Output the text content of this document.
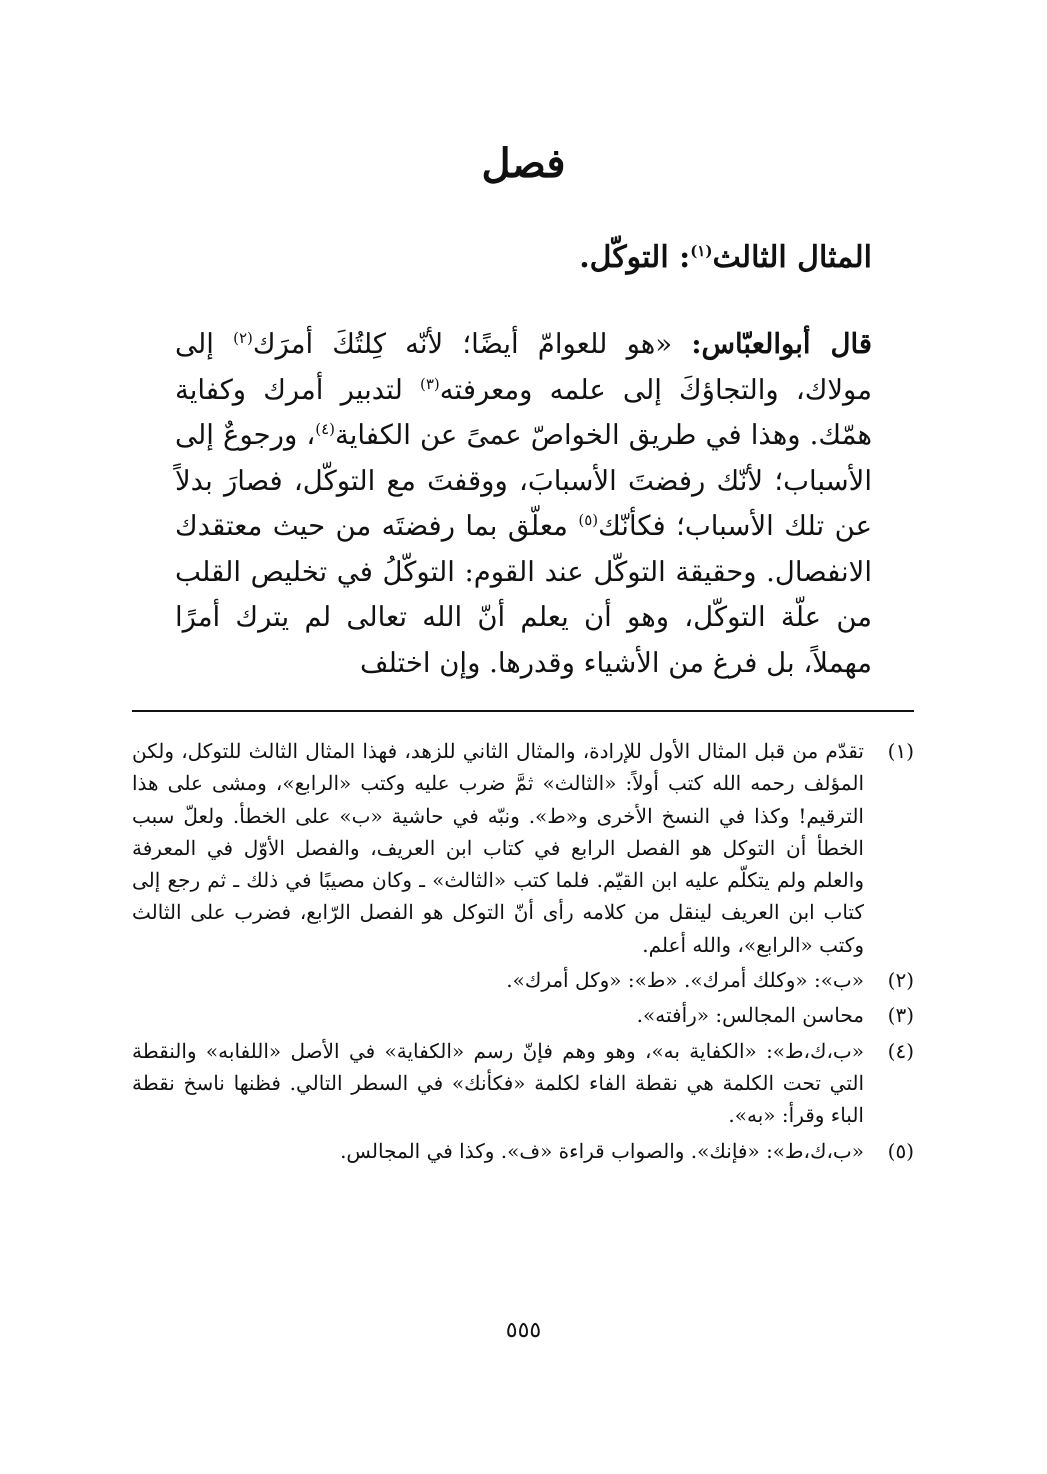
فصل
المثال الثالث$^{(١)}$: التوكّل.

قال أبوالعبّاس: «هو للعوامّ أيضًا؛ لأنّه كِلتُكَ أمرَك$^{(٢)}$ إلى مولاك، والتجاؤكَ إلى علمه ومعرفته$^{(٣)}$ لتدبير أمرك وكفاية همّك. وهذا في طريق الخواصّ عمىً عن الكفاية$^{(٤)}$، ورجوعٌ إلى الأسباب؛ لأنّك رفضتَ الأسبابَ، ووقفتَ مع التوكّل، فصارَ بدلاً عن تلك الأسباب؛ فكأنّك$^{(٥)}$ معلّق بما رفضتَه من حيث معتقدك الانفصال. وحقيقة التوكّل عند القوم: التوكّلُ في تخليص القلب من علّة التوكّل، وهو أن يعلم أنّ الله تعالى لم يترك أمرًا مهملاً، بل فرغ من الأشياء وقدرها. وإن اختلف

(١)
تقدّم من قبل المثال الأول للإرادة، والمثال الثاني للزهد، فهذا المثال الثالث للتوكل، ولكن المؤلف رحمه الله كتب أولاً: «الثالث» ثمَّ ضرب عليه وكتب «الرابع»، ومشى على هذا الترقيم! وكذا في النسخ الأخرى و«ط». ونبّه في حاشية «ب» على الخطأ. ولعلّ سبب الخطأ أن التوكل هو الفصل الرابع في كتاب ابن العريف، والفصل الأوّل في المعرفة والعلم ولم يتكلّم عليه ابن القيّم. فلما كتب «الثالث» ـ وكان مصيبًا في ذلك ـ ثم رجع إلى كتاب ابن العريف لينقل من كلامه رأى أنّ التوكل هو الفصل الرّابع، فضرب على الثالث وكتب «الرابع»، والله أعلم.
(٢)
«ب»: «وكلك أمرك». «ط»: «وكل أمرك».
(٣)
محاسن المجالس: «رأفته».
(٤)
«ب،ك،ط»: «الكفاية به»، وهو وهم فإنّ رسم «الكفاية» في الأصل «اللفابه» والنقطة التي تحت الكلمة هي نقطة الفاء لكلمة «فكأنك» في السطر التالي. فظنها ناسخ نقطة الباء وقرأ: «به».
(٥)
«ب،ك،ط»: «فإنك». والصواب قراءة «ف». وكذا في المجالس.

٥٥٥
